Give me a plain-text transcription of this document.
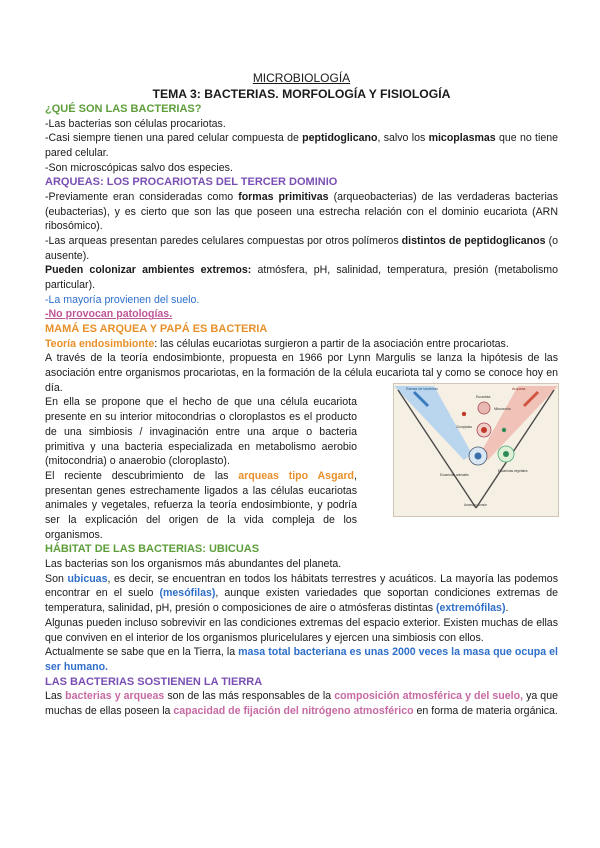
MICROBIOLOGÍA
TEMA 3: BACTERIAS. MORFOLOGÍA Y FISIOLOGÍA
¿QUÉ SON LAS BACTERIAS?

-Las bacterias son células procariotas.

-Casi siempre tienen una pared celular compuesta de peptidoglicano, salvo los micoplasmas que no tiene pared celular.

-Son microscópicas salvo dos especies.

ARQUEAS: LOS PROCARIOTAS DEL TERCER DOMINIO

-Previamente eran consideradas como formas primitivas (arqueobacterias) de las verdaderas bacterias (eubacterias), y es cierto que son las que poseen una estrecha relación con el dominio eucariota (ARN ribosómico).

-Las arqueas presentan paredes celulares compuestas por otros polímeros distintos de peptidoglicanos (o ausente).

Pueden colonizar ambientes extremos: atmósfera, pH, salinidad, temperatura, presión (metabolismo particular).

-La mayoría provienen del suelo.

-No provocan patologías.

MAMÁ ES ARQUEA Y PAPÁ ES BACTERIA

Teoría endosimbionte: las células eucariotas surgieron a partir de la asociación entre procariotas.

A través de la teoría endosimbionte, propuesta en 1966 por Lynn Margulis se lanza la hipótesis de las asociación entre organismos procariotas, en la formación de la célula eucariota tal y como se conoce hoy en día.

En ella se propone que el hecho de que una célula eucariota presente en su interior mitocondrias o cloroplastos es el producto de una simbiosis / invaginación entre una arque o bacteria primitiva y una bacteria especializada en metabolismo aerobio (mitocondria) o anaerobio (cloroplasto).

El reciente descubrimiento de las arqueas tipo Asgard, presentan genes estrechamente ligados a las células eucariotas animales y vegetales, refuerza la teoría endosimbionte, y podría ser la explicación del origen de la vida compleja de los organismos.

HÁBITAT DE LAS BACTERIAS: UBICUAS

Las bacterias son los organismos más abundantes del planeta.

Son ubicuas, es decir, se encuentran en todos los hábitats terrestres y acuáticos. La mayoría las podemos encontrar en el suelo (mesófilas), aunque existen variedades que soportan condiciones extremas de temperatura, salinidad, pH, presión o composiciones de aire o atmósferas distintas (extremófilas).

Algunas pueden incluso sobrevivir en las condiciones extremas del espacio exterior. Existen muchas de ellas que conviven en el interior de los organismos pluricelulares y ejercen una simbiosis con ellos.

Actualmente se sabe que en la Tierra, la masa total bacteriana es unas 2000 veces la masa que ocupa el ser humano.

LAS BACTERIAS SOSTIENEN LA TIERRA

Las bacterias y arqueas son de las más responsables de la composición atmosférica y del suelo, ya que muchas de ellas poseen la capacidad de fijación del nitrógeno atmosférico en forma de materia orgánica.

Ramas de bacterias	Arqueas
Eucariota
Mitocondria
Cloroplasto
Eucariotas animales
Eucariotas vegetales
Ancestro común
